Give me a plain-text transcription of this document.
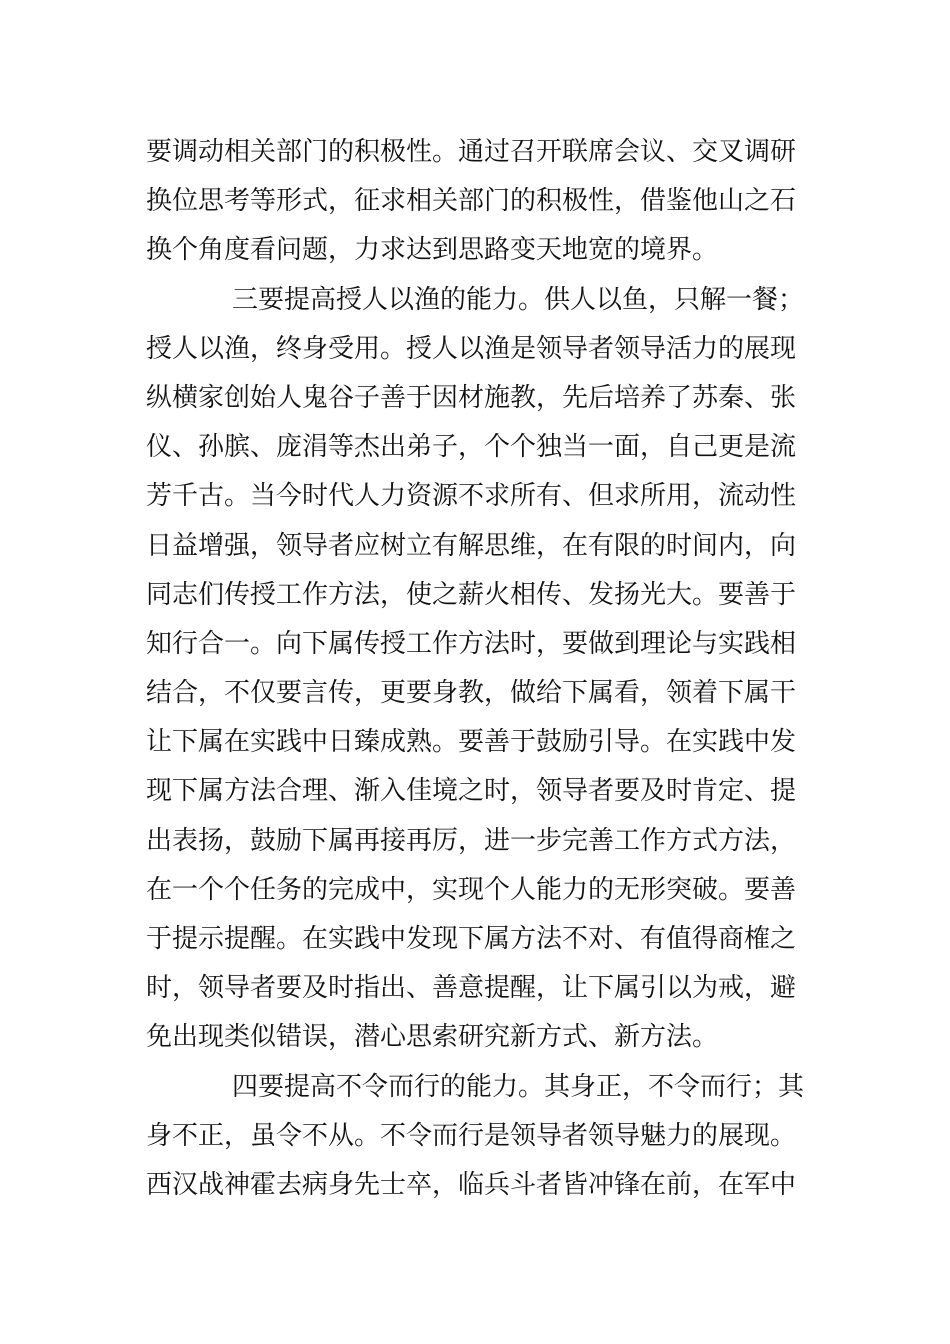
要调动相关部门的积极性。通过召开联席会议、交叉调研
换位思考等形式，征求相关部门的积极性，借鉴他山之石
换个角度看问题，力求达到思路变天地宽的境界。
三要提高授人以渔的能力。供人以鱼，只解一餐；
授人以渔，终身受用。授人以渔是领导者领导活力的展现
纵横家创始人鬼谷子善于因材施教，先后培养了苏秦、张
仪、孙膑、庞涓等杰出弟子，个个独当一面，自己更是流
芳千古。当今时代人力资源不求所有、但求所用，流动性
日益增强，领导者应树立有解思维，在有限的时间内，向
同志们传授工作方法，使之薪火相传、发扬光大。要善于
知行合一。向下属传授工作方法时，要做到理论与实践相
结合，不仅要言传，更要身教，做给下属看，领着下属干
让下属在实践中日臻成熟。要善于鼓励引导。在实践中发
现下属方法合理、渐入佳境之时，领导者要及时肯定、提
出表扬，鼓励下属再接再厉，进一步完善工作方式方法，
在一个个任务的完成中，实现个人能力的无形突破。要善
于提示提醒。在实践中发现下属方法不对、有值得商榷之
时，领导者要及时指出、善意提醒，让下属引以为戒，避
免出现类似错误，潜心思索研究新方式、新方法。
四要提高不令而行的能力。其身正，不令而行；其
身不正，虽令不从。不令而行是领导者领导魅力的展现。
西汉战神霍去病身先士卒，临兵斗者皆冲锋在前，在军中
